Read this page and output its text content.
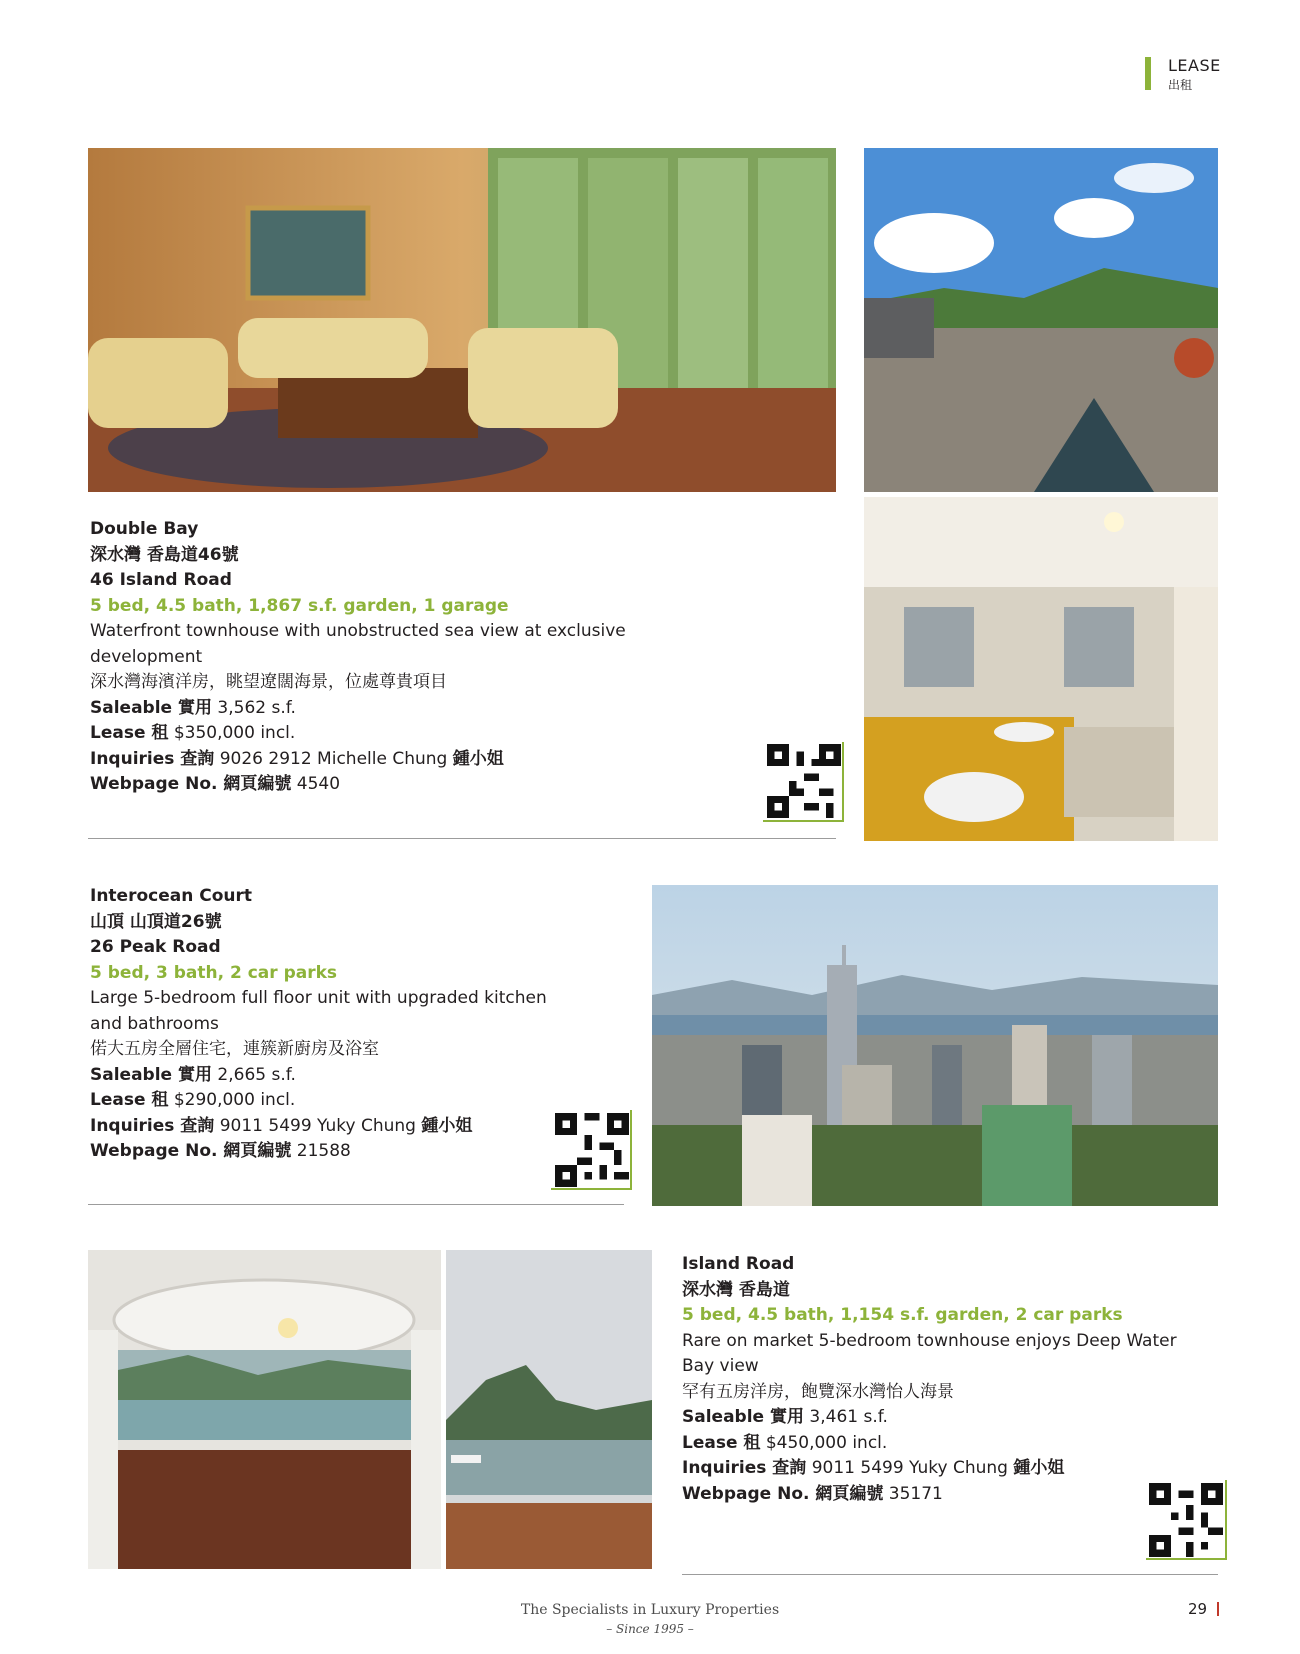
LEASE
出租
Double Bay
深水灣 香島道46號
46 Island Road
5 bed, 4.5 bath, 1,867 s.f. garden, 1 garage
Waterfront townhouse with unobstructed sea view at exclusive development
深水灣海濱洋房，眺望遼闊海景，位處尊貴項目
Saleable 實用 3,562 s.f.
Lease 租 $350,000 incl.
Inquiries 查詢 9026 2912 Michelle Chung 鍾小姐
Webpage No. 網頁編號 4540
Interocean Court
山頂 山頂道26號
26 Peak Road
5 bed, 3 bath, 2 car parks
Large 5-bedroom full floor unit with upgraded kitchen
and bathrooms
偌大五房全層住宅，連簇新廚房及浴室
Saleable 實用 2,665 s.f.
Lease 租 $290,000 incl.
Inquiries 查詢 9011 5499 Yuky Chung 鍾小姐
Webpage No. 網頁編號 21588
Island Road
深水灣 香島道
5 bed, 4.5 bath, 1,154 s.f. garden, 2 car parks
Rare on market 5-bedroom townhouse enjoys Deep Water
Bay view
罕有五房洋房，飽覽深水灣怡人海景
Saleable 實用 3,461 s.f.
Lease 租 $450,000 incl.
Inquiries 查詢 9011 5499 Yuky Chung 鍾小姐
Webpage No. 網頁編號 35171
The Specialists in Luxury Properties
– Since 1995 –
29
